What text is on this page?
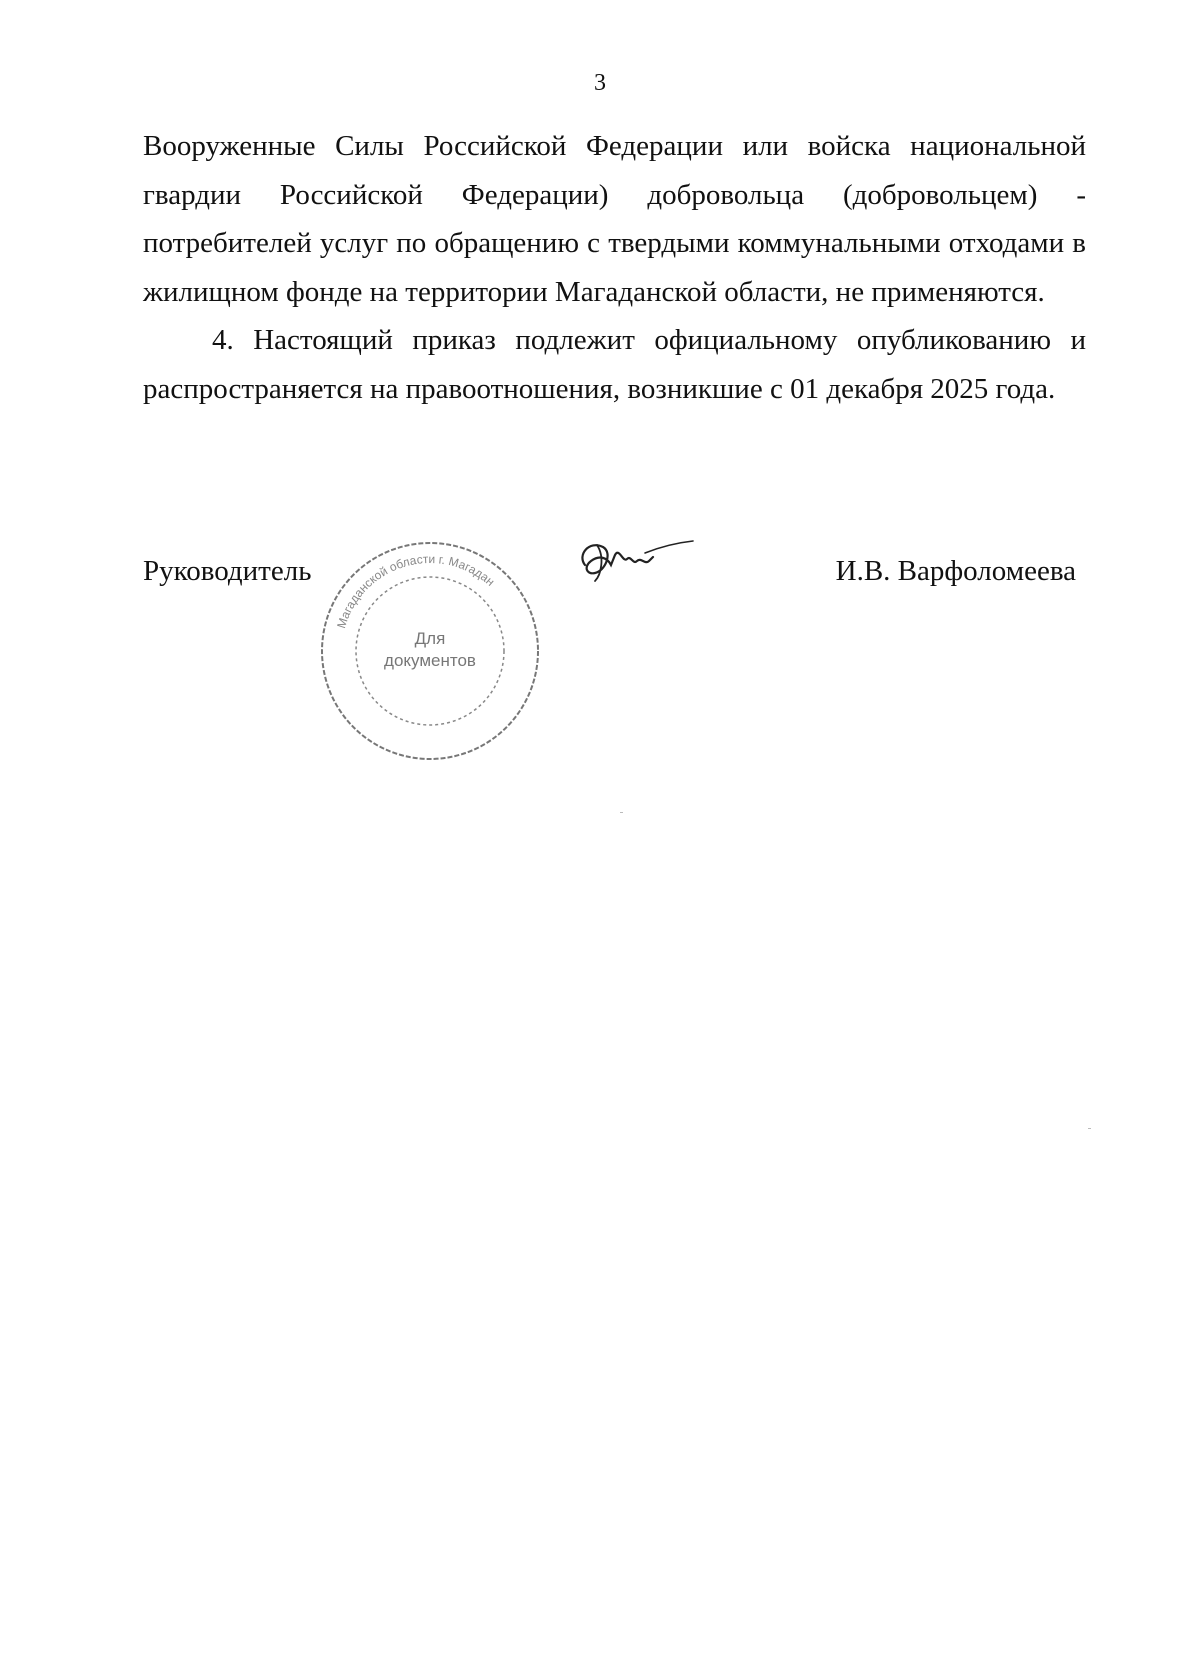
3

Вооруженные Силы Российской Федерации или войска национальной гвардии Российской Федерации) добровольца (добровольцем) - потребителей услуг по обращению с твердыми коммунальными отходами в жилищном фонде на территории Магаданской области, не применяются.

4. Настоящий приказ подлежит официальному опубликованию и распространяется на правоотношения, возникшие с 01 декабря 2025 года.

Руководитель
Магаданской области г. Магадан
Для
документов
И.В. Варфоломеева
